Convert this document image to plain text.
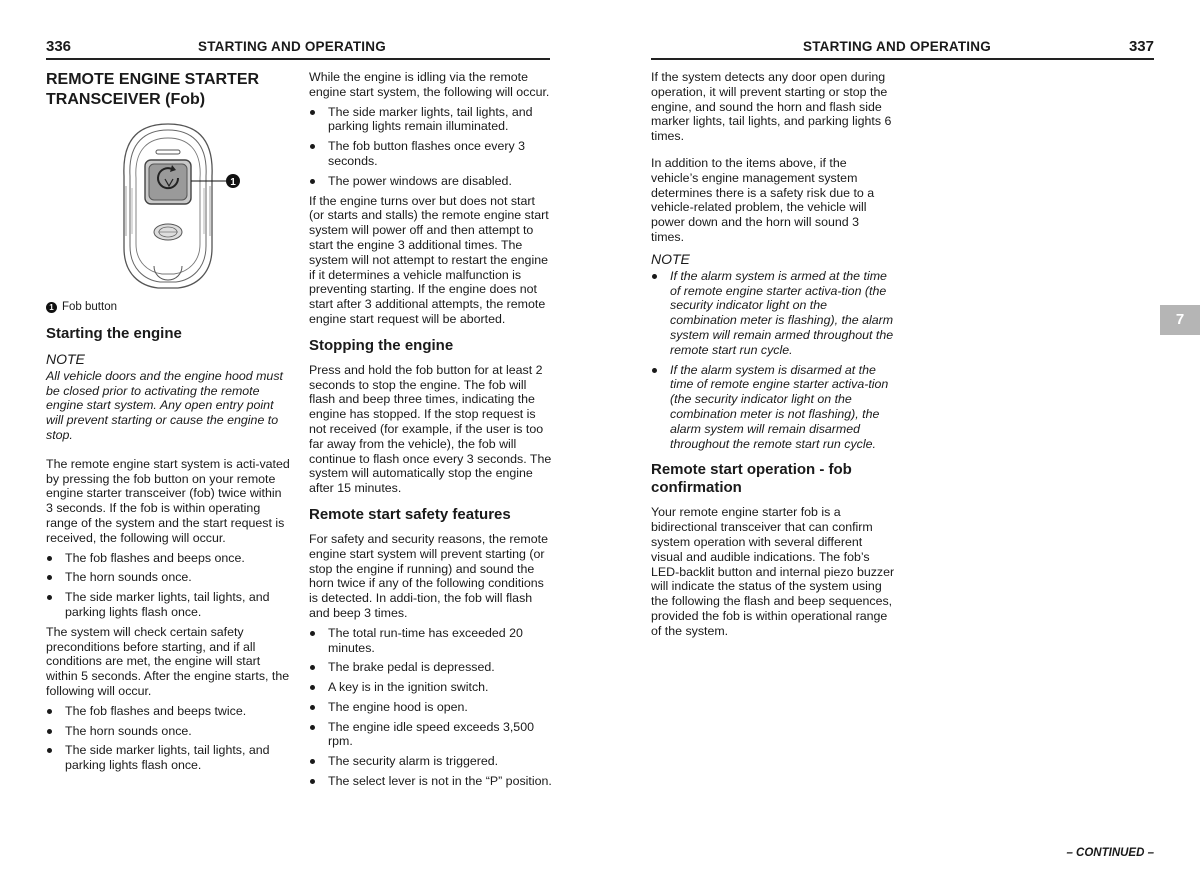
336	STARTING AND OPERATING	STARTING AND OPERATING	337
REMOTE ENGINE STARTER TRANSCEIVER (Fob)
1
1 Fob button
Starting the engine
NOTE

All vehicle doors and the engine hood must be closed prior to activating the remote engine start system. Any open entry point will prevent starting or cause the engine to stop.

The remote engine start system is acti-vated by pressing the fob button on your remote engine starter transceiver (fob) twice within 3 seconds. If the fob is within operating range of the system and the start request is received, the following will occur.

The fob flashes and beeps once.
The horn sounds once.
The side marker lights, tail lights, and parking lights flash once.

The system will check certain safety preconditions before starting, and if all conditions are met, the engine will start within 5 seconds. After the engine starts, the following will occur.

The fob flashes and beeps twice.
The horn sounds once.
The side marker lights, tail lights, and parking lights flash once.

While the engine is idling via the remote engine start system, the following will occur.

The side marker lights, tail lights, and parking lights remain illuminated.
The fob button flashes once every 3 seconds.
The power windows are disabled.

If the engine turns over but does not start (or starts and stalls) the remote engine start system will power off and then attempt to start the engine 3 additional times. The system will not attempt to restart the engine if it determines a vehicle malfunction is preventing starting. If the engine does not start after 3 additional attempts, the remote engine start request will be aborted.

Stopping the engine

Press and hold the fob button for at least 2 seconds to stop the engine. The fob will flash and beep three times, indicating the engine has stopped. If the stop request is not received (for example, if the user is too far away from the vehicle), the fob will continue to flash once every 3 seconds. The system will automatically stop the engine after 15 minutes.

Remote start safety features

For safety and security reasons, the remote engine start system will prevent starting (or stop the engine if running) and sound the horn twice if any of the following conditions is detected. In addi-tion, the fob will flash and beep 3 times.

The total run-time has exceeded 20 minutes.
The brake pedal is depressed.
A key is in the ignition switch.
The engine hood is open.
The engine idle speed exceeds 3,500 rpm.
The security alarm is triggered.
The select lever is not in the “P” position.

If the system detects any door open during operation, it will prevent starting or stop the engine, and sound the horn and flash side marker lights, tail lights, and parking lights 6 times.

In addition to the items above, if the vehicle’s engine management system determines there is a safety risk due to a vehicle-related problem, the vehicle will power down and the horn will sound 3 times.

NOTE
If the alarm system is armed at the time of remote engine starter activa-tion (the security indicator light on the combination meter is flashing), the alarm system will remain armed throughout the remote start run cycle.
If the alarm system is disarmed at the time of remote engine starter activa-tion (the security indicator light on the combination meter is not flashing), the alarm system will remain disarmed throughout the remote start run cycle.
Remote start operation - fob confirmation

Your remote engine starter fob is a bidirectional transceiver that can confirm system operation with several different visual and audible indications. The fob’s LED-backlit button and internal piezo buzzer will indicate the status of the system using the following the flash and beep sequences, provided the fob is within operational range of the system.

7
– CONTINUED –
